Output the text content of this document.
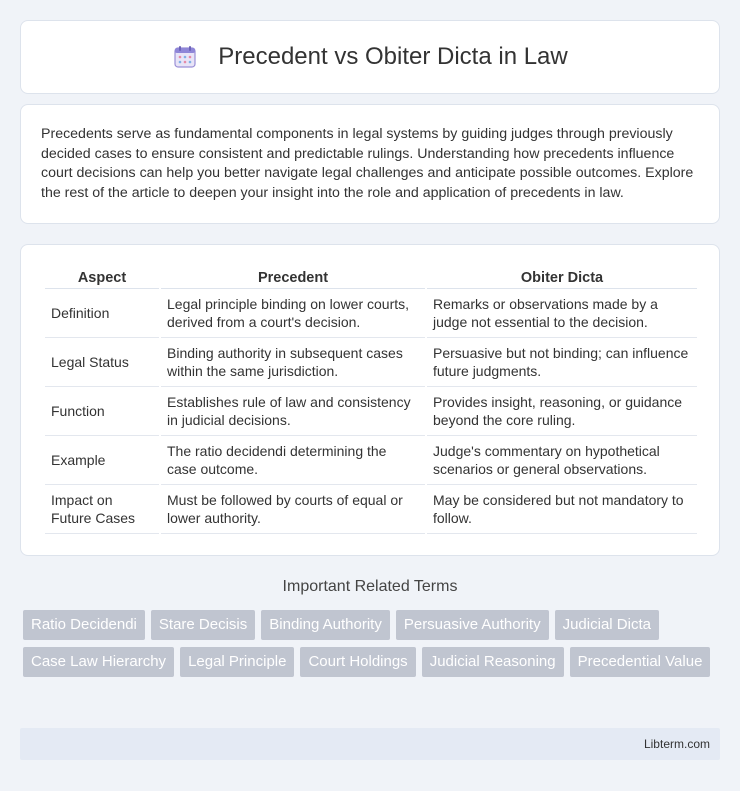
Precedent vs Obiter Dicta in Law

Precedents serve as fundamental components in legal systems by guiding judges through previously decided cases to ensure consistent and predictable rulings. Understanding how precedents influence court decisions can help you better navigate legal challenges and anticipate possible outcomes. Explore the rest of the article to deepen your insight into the role and application of precedents in law.

Aspect	Precedent	Obiter Dicta
Definition	Legal principle binding on lower courts, derived from a court's decision.	Remarks or observations made by a judge not essential to the decision.
Legal Status	Binding authority in subsequent cases within the same jurisdiction.	Persuasive but not binding; can influence future judgments.
Function	Establishes rule of law and consistency in judicial decisions.	Provides insight, reasoning, or guidance beyond the core ruling.
Example	The ratio decidendi determining the case outcome.	Judge's commentary on hypothetical scenarios or general observations.
Impact on Future Cases	Must be followed by courts of equal or lower authority.	May be considered but not mandatory to follow.
Important Related Terms
Ratio Decidendi	Stare Decisis	Binding Authority	Persuasive Authority	Judicial Dicta
Case Law Hierarchy	Legal Principle	Court Holdings	Judicial Reasoning	Precedential Value
Libterm.com
